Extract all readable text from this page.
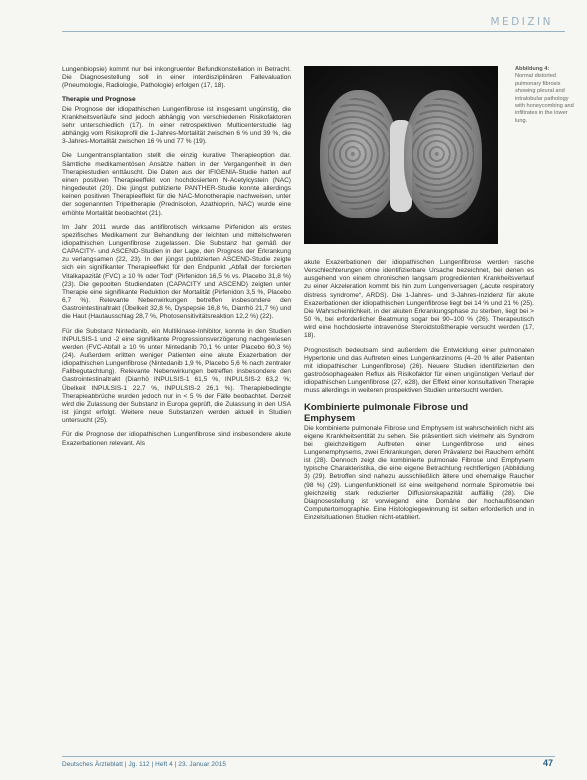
MEDIZIN
Abbildung 4:
Normal distorted pulmonary fibrosis showing pleural and intralobular pathology with honeycombing and infiltrates in the lower lung.

Lungenbiopsie) kommt nur bei inkongruenter Befundkonstellation in Betracht. Die Diagnosestellung soll in einer interdisziplinären Fallevaluation (Pneumologie, Radiologie, Pathologie) erfolgen (17, 18).

Therapie und Prognose

Die Prognose der idiopathischen Lungenfibrose ist insgesamt ungünstig, die Krankheitsverläufe sind jedoch abhängig von verschiedenen Risikofaktoren sehr unterschiedlich (17). In einer retrospektiven Multicenterstudie lag abhängig vom Risikoprofil die 1-Jahres-Mortalität zwischen 6 % und 39 %, die 3-Jahres-Mortalität zwischen 16 % und 77 % (19).

Die Lungentransplantation stellt die einzig kurative Therapieoption dar. Sämtliche medikamentösen Ansätze hatten in der Vergangenheit in den Therapiestudien enttäuscht. Die Daten aus der IFIGENIA-Studie hatten auf einen positiven Therapieeffekt von hochdosiertem N-Acetylcystein (NAC) hingedeutet (20). Die jüngst publizierte PANTHER-Studie konnte allerdings keinen positiven Therapieeffekt für die NAC-Monotherapie nachweisen, unter der sogenannten Tripeltherapie (Prednisolon, Azathioprin, NAC) wurde eine erhöhte Mortalität beobachtet (21).

Im Jahr 2011 wurde das antifibrotisch wirksame Pirfenidon als erstes spezifisches Medikament zur Behandlung der leichten und mittelschweren idiopathischen Lungenfibrose zugelassen. Die Substanz hat gemäß der CAPACITY- und ASCEND-Studien in der Lage, den Progress der Erkrankung zu verlangsamen (22, 23). In der jüngst publizierten ASCEND-Studie zeigte sich ein signifikanter Therapieeffekt für den Endpunkt „Abfall der forcierten Vitalkapazität (FVC) ≥ 10 % oder Tod“ (Pirfenidon 16,5 % vs. Placebo 31,8 %) (23). Die gepoolten Studiendaten (CAPACITY und ASCEND) zeigten unter Therapie eine signifikante Reduktion der Mortalität (Pirfenidon 3,5 %, Placebo 6,7 %). Relevante Nebenwirkungen betreffen insbesondere den Gastrointestinaltrakt (Übelkeit 32,8 %, Dyspepsie 16,8 %, Diarrhö 21,7 %) und die Haut (Hautausschlag 28,7 %, Photosensitivitätsreaktion 12,2 %) (22).

Für die Substanz Nintedanib, ein Multikinase-Inhibitor, konnte in den Studien INPULSIS-1 und -2 eine signifikante Progressionsverzögerung nachgewiesen werden (FVC-Abfall ≥ 10 % unter Nintedanib 70,1 % unter Placebo 60,3 %) (24). Außerdem erlitten weniger Patienten eine akute Exazerbation der idiopathischen Lungenfibrose (Nintedanib 1,9 %, Placebo 5,6 % nach zentraler Fallbegutachtung). Relevante Nebenwirkungen betreffen insbesondere den Gastrointestinaltrakt (Diarrhö INPULSIS-1 61,5 %, INPULSIS-2 63,2 %; Übelkeit INPULSIS-1 22,7 %, INPULSIS-2 26,1 %). Therapiebedingte Therapieabbrüche wurden jedoch nur in < 5 % der Fälle beobachtet. Derzeit wird die Zulassung der Substanz in Europa geprüft, die Zulassung in den USA ist jüngst erfolgt. Weitere neue Substanzen werden aktuell in Studien untersucht (25).

Für die Prognose der idiopathischen Lungenfibrose sind insbesondere akute Exazerbationen relevant. Als

akute Exazerbationen der idiopathischen Lungenfibrose werden rasche Verschlechterungen ohne identifizierbare Ursache bezeichnet, bei denen es ausgehend von einem chronischen langsam progredienten Krankheitsverlauf zu einer Akzeleration kommt bis hin zum Lungenversagen („acute respiratory distress syndrome“, ARDS). Die 1-Jahres- und 3-Jahres-Inzidenz für akute Exazerbationen der idiopathischen Lungenfibrose liegt bei 14 % und 21 % (25). Die Wahrscheinlichkeit, in der akuten Erkrankungsphase zu sterben, liegt bei > 50 %, bei erforderlicher Beatmung sogar bei 90–100 % (26). Therapeutisch wird eine hochdosierte intravenöse Steroidstoßtherapie versucht werden (17, 18).

Prognostisch bedeutsam sind außerdem die Entwicklung einer pulmonalen Hypertonie und das Auftreten eines Lungenkarzinoms (4–20 % aller Patienten mit idiopathischer Lungenfibrose) (26). Neuere Studien identifizierten den gastroösophagealen Reflux als Risikofaktor für einen ungünstigen Verlauf der idiopathischen Lungenfibrose (27, e28), der Effekt einer konsultativen Therapie muss allerdings in weiteren prospektiven Studien untersucht werden.

Kombinierte pulmonale Fibrose und
Emphysem

Die kombinierte pulmonale Fibrose und Emphysem ist wahrscheinlich nicht als eigene Krankheitsentität zu sehen. Sie präsentiert sich vielmehr als Syndrom bei gleichzeitigem Auftreten einer Lungenfibrose und eines Lungenemphysems, zwei Erkrankungen, deren Prävalenz bei Rauchern erhöht ist (28). Dennoch zeigt die kombinierte pulmonale Fibrose und Emphysem typische Charakteristika, die eine eigene Betrachtung rechtfertigen (Abbildung 3) (29). Betroffen sind nahezu ausschließlich ältere und ehemalige Raucher (98 %) (29). Lungenfunktionell ist eine weitgehend normale Spirometrie bei gleichzeitig stark reduzierter Diffusionskapazität auffällig (28). Die Diagnosestellung ist vorwiegend eine Domäne der hochauflösenden Computertomographie. Eine Histologiegewinnung ist selten erforderlich und in Einzelsituationen Studien nicht-etabliert.

Deutsches Ärzteblatt | Jg. 112 | Heft 4 | 23. Januar 2015	47
